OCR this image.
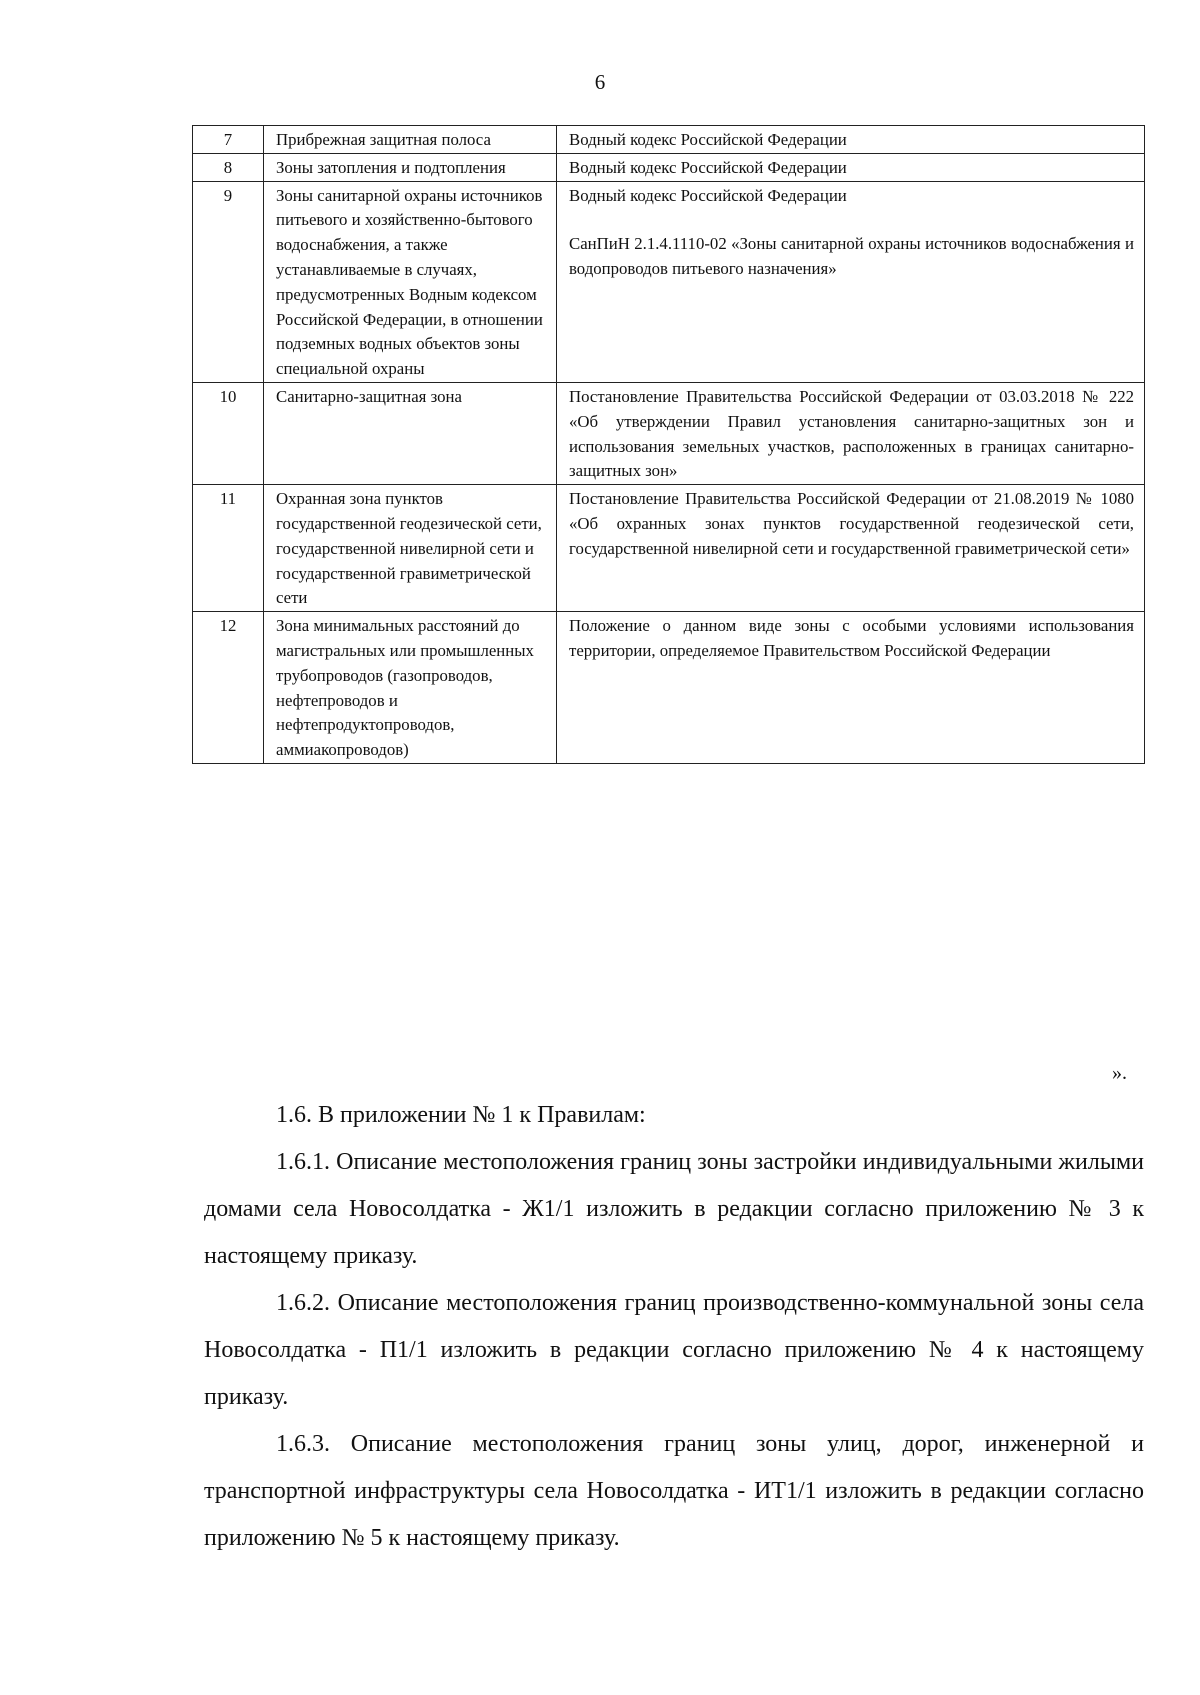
6
7	Прибрежная защитная полоса	Водный кодекс Российской Федерации

8	Зоны затопления и подтопления	Водный кодекс Российской Федерации

9	Зоны санитарной охраны источников питьевого и хозяйственно-бытового водоснабжения, а также устанавливаемые в случаях, предусмотренных Водным кодексом Российской Федерации, в отношении подземных водных объектов зоны специальной охраны	Водный кодекс Российской Федерации
СанПиН 2.1.4.1110-02 «Зоны санитарной охраны источников водоснабжения и водопроводов питьевого назначения»

10	Санитарно-защитная зона	Постановление Правительства Российской Федерации от 03.03.2018 № 222 «Об утверждении Правил установления санитарно-защитных зон и использования земельных участков, расположенных в границах санитарно-защитных зон»

11	Охранная зона пунктов государственной геодезической сети, государственной нивелирной сети и государственной гравиметрической сети	Постановление Правительства Российской Федерации от 21.08.2019 № 1080 «Об охранных зонах пунктов государственной геодезической сети, государственной нивелирной сети и государственной гравиметрической сети»

12	Зона минимальных расстояний до магистральных или промышленных трубопроводов (газопроводов, нефтепроводов и нефтепродуктопроводов, аммиакопроводов)	Положение о данном виде зоны с особыми условиями использования территории, определяемое Правительством Российской Федерации
».

1.6. В приложении № 1 к Правилам:

1.6.1. Описание местоположения границ зоны застройки индивидуальными жилыми домами села Новосолдатка - Ж1/1 изложить в редакции согласно приложению № 3 к настоящему приказу.

1.6.2. Описание местоположения границ производственно-коммунальной зоны села Новосолдатка - П1/1 изложить в редакции согласно приложению № 4 к настоящему приказу.

1.6.3. Описание местоположения границ зоны улиц, дорог, инженерной и транспортной инфраструктуры села Новосолдатка - ИТ1/1 изложить в редакции согласно приложению № 5 к настоящему приказу.
